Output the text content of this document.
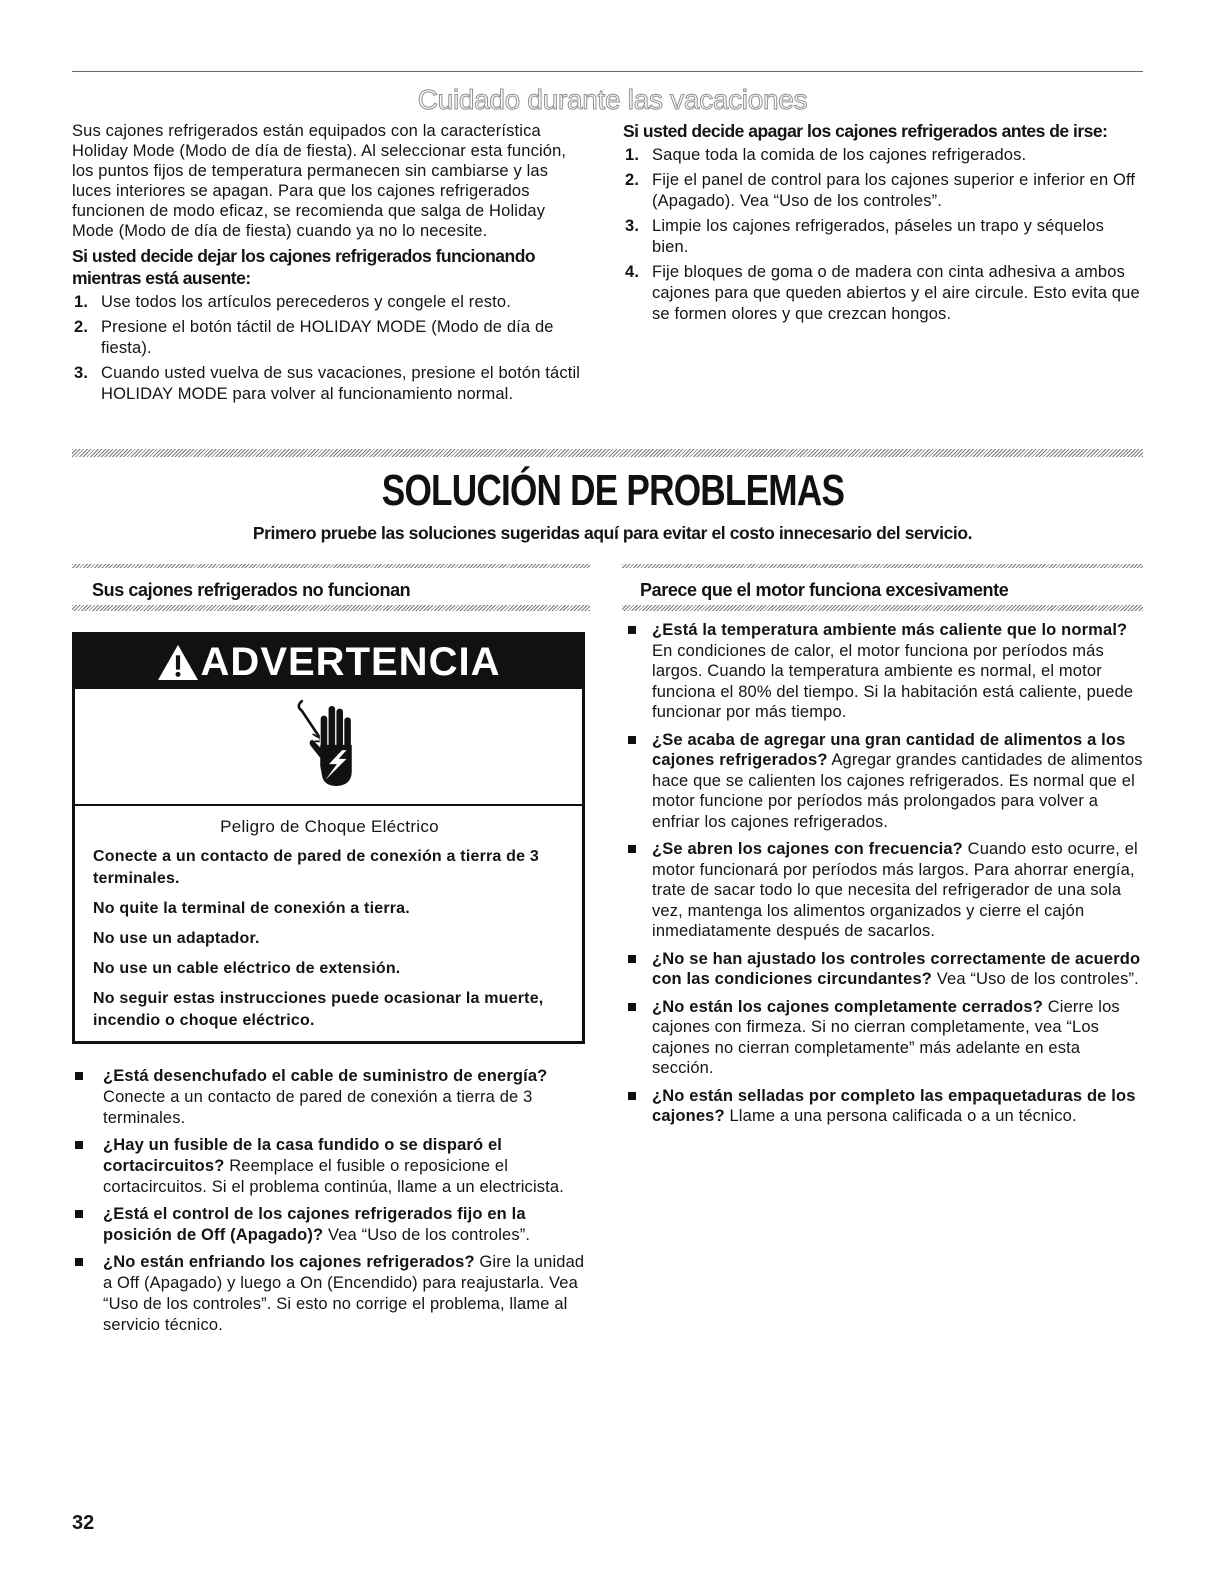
Cuidado durante las vacaciones

Sus cajones refrigerados están equipados con la característica Holiday Mode (Modo de día de fiesta). Al seleccionar esta función, los puntos fijos de temperatura permanecen sin cambiarse y las luces interiores se apagan. Para que los cajones refrigerados funcionen de modo eficaz, se recomienda que salga de Holiday Mode (Modo de día de fiesta) cuando ya no lo necesite.

Si usted decide dejar los cajones refrigerados funcionando mientras está ausente:
1. Use todos los artículos perecederos y congele el resto.
2. Presione el botón táctil de HOLIDAY MODE (Modo de día de fiesta).
3. Cuando usted vuelva de sus vacaciones, presione el botón táctil HOLIDAY MODE para volver al funcionamiento normal.
Si usted decide apagar los cajones refrigerados antes de irse:
1. Saque toda la comida de los cajones refrigerados.
2. Fije el panel de control para los cajones superior e inferior en Off (Apagado). Vea “Uso de los controles”.
3. Limpie los cajones refrigerados, páseles un trapo y séquelos bien.
4. Fije bloques de goma o de madera con cinta adhesiva a ambos cajones para que queden abiertos y el aire circule. Esto evita que se formen olores y que crezcan hongos.
SOLUCIÓN DE PROBLEMAS
Primero pruebe las soluciones sugeridas aquí para evitar el costo innecesario del servicio.
Sus cajones refrigerados no funcionan	Parece que el motor funciona excesivamente
ADVERTENCIA
Peligro de Choque Eléctrico
Conecte a un contacto de pared de conexión a tierra de 3 terminales.
No quite la terminal de conexión a tierra.
No use un adaptador.
No use un cable eléctrico de extensión.
No seguir estas instrucciones puede ocasionar la muerte, incendio o choque eléctrico.
¿Está desenchufado el cable de suministro de energía? Conecte a un contacto de pared de conexión a tierra de 3 terminales.
¿Hay un fusible de la casa fundido o se disparó el cortacircuitos? Reemplace el fusible o reposicione el cortacircuitos. Si el problema continúa, llame a un electricista.
¿Está el control de los cajones refrigerados fijo en la posición de Off (Apagado)? Vea “Uso de los controles”.
¿No están enfriando los cajones refrigerados? Gire la unidad a Off (Apagado) y luego a On (Encendido) para reajustarla. Vea “Uso de los controles”. Si esto no corrige el problema, llame al servicio técnico.
¿Está la temperatura ambiente más caliente que lo normal? En condiciones de calor, el motor funciona por períodos más largos. Cuando la temperatura ambiente es normal, el motor funciona el 80% del tiempo. Si la habitación está caliente, puede funcionar por más tiempo.
¿Se acaba de agregar una gran cantidad de alimentos a los cajones refrigerados? Agregar grandes cantidades de alimentos hace que se calienten los cajones refrigerados. Es normal que el motor funcione por períodos más prolongados para volver a enfriar los cajones refrigerados.
¿Se abren los cajones con frecuencia? Cuando esto ocurre, el motor funcionará por períodos más largos. Para ahorrar energía, trate de sacar todo lo que necesita del refrigerador de una sola vez, mantenga los alimentos organizados y cierre el cajón inmediatamente después de sacarlos.
¿No se han ajustado los controles correctamente de acuerdo con las condiciones circundantes? Vea “Uso de los controles”.
¿No están los cajones completamente cerrados? Cierre los cajones con firmeza. Si no cierran completamente, vea “Los cajones no cierran completamente” más adelante en esta sección.
¿No están selladas por completo las empaquetaduras de los cajones? Llame a una persona calificada o a un técnico.
32
